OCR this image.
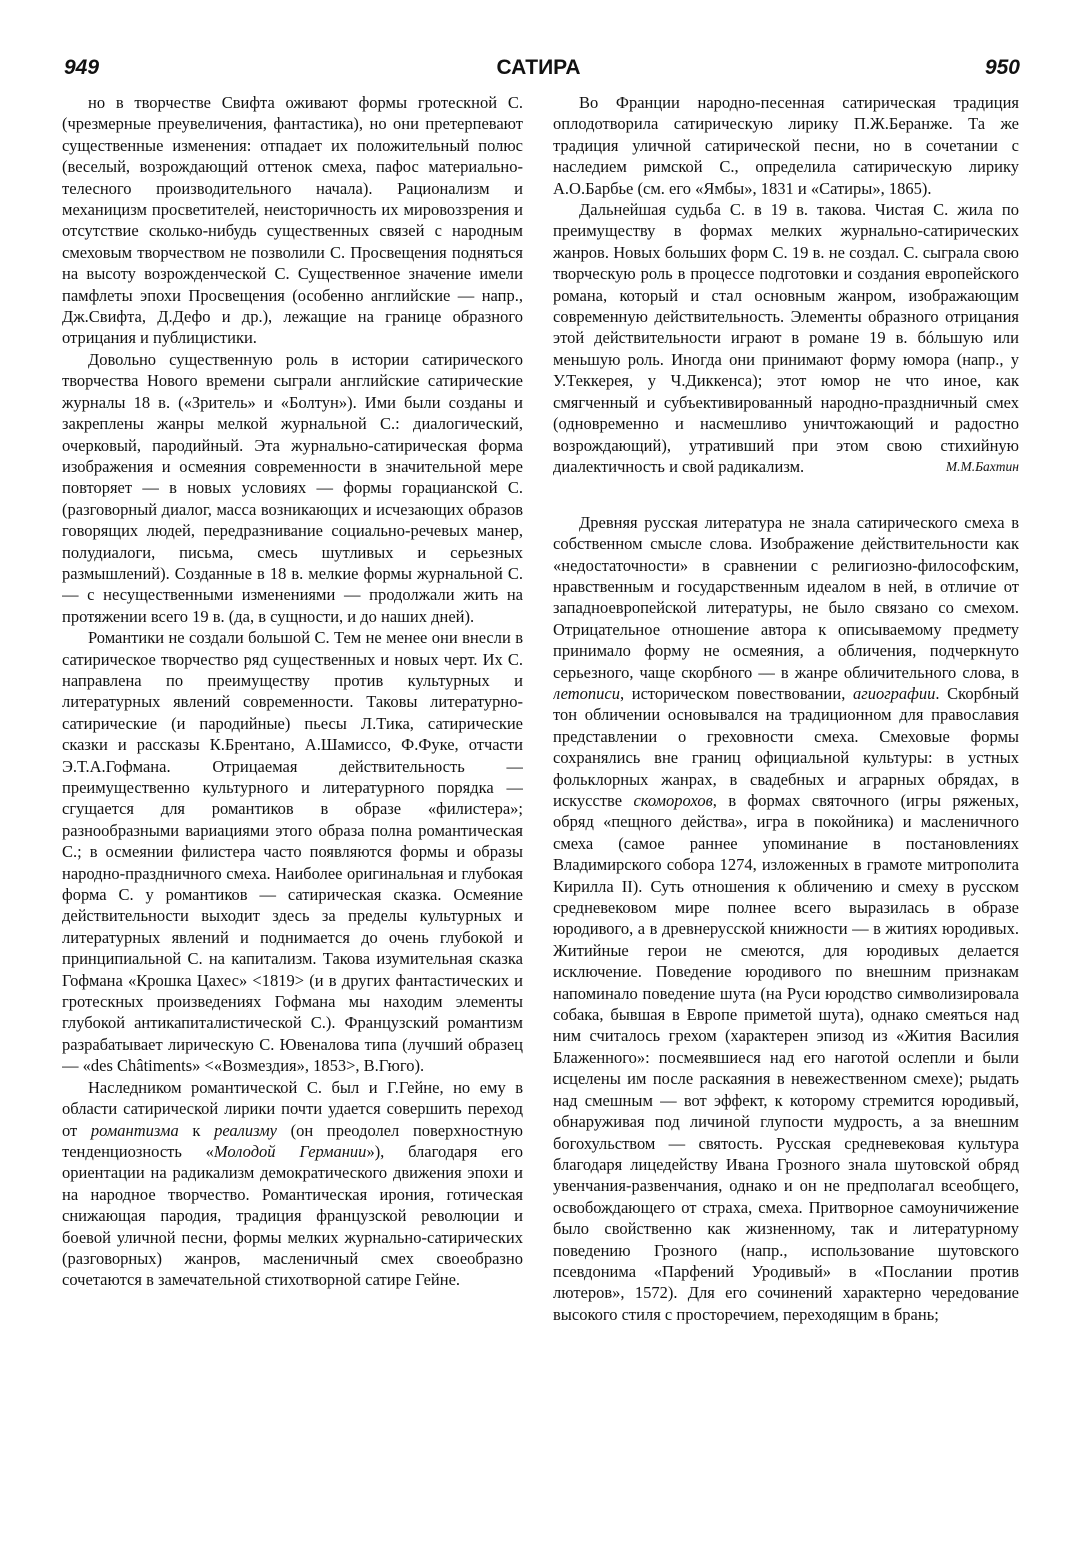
949	САТИРА	950

но в творчестве Свифта оживают формы гротескной С. (чрезмерные преувеличения, фантастика), но они претерпевают существенные изменения: отпадает их положительный полюс (веселый, возрождающий оттенок смеха, пафос материально-телесного производительного начала). Рационализм и механицизм просветителей, неисторичность их мировоззрения и отсутствие сколько-нибудь существенных связей с народным смеховым творчеством не позволили С. Просвещения подняться на высоту возрожденческой С. Существенное значение имели памфлеты эпохи Просвещения (особенно английские — напр., Дж.Свифта, Д.Дефо и др.), лежащие на границе образного отрицания и публицистики.

Довольно существенную роль в истории сатирического творчества Нового времени сыграли английские сатирические журналы 18 в. («Зритель» и «Болтун»). Ими были созданы и закреплены жанры мелкой журнальной С.: диалогический, очерковый, пародийный. Эта журнально-сатирическая форма изображения и осмеяния современности в значительной мере повторяет — в новых условиях — формы горацианской С. (разговорный диалог, масса возникающих и исчезающих образов говорящих людей, передразнивание социально-речевых манер, полудиалоги, письма, смесь шутливых и серьезных размышлений). Созданные в 18 в. мелкие формы журнальной С. — с несущественными изменениями — продолжали жить на протяжении всего 19 в. (да, в сущности, и до наших дней).

Романтики не создали большой С. Тем не менее они внесли в сатирическое творчество ряд существенных и новых черт. Их С. направлена по преимуществу против культурных и литературных явлений современности. Таковы литературно-сатирические (и пародийные) пьесы Л.Тика, сатирические сказки и рассказы К.Брентано, А.Шамиссо, Ф.Фуке, отчасти Э.Т.А.Гофмана. Отрицаемая действительность — преимущественно культурного и литературного порядка — сгущается для романтиков в образе «филистера»; разнообразными вариациями этого образа полна романтическая С.; в осмеянии филистера часто появляются формы и образы народно-праздничного смеха. Наиболее оригинальная и глубокая форма С. у романтиков — сатирическая сказка. Осмеяние действительности выходит здесь за пределы культурных и литературных явлений и поднимается до очень глубокой и принципиальной С. на капитализм. Такова изумительная сказка Гофмана «Крошка Цахес» <1819> (и в других фантастических и гротескных произведениях Гофмана мы находим элементы глубокой антикапиталистической С.). Французский романтизм разрабатывает лирическую С. Ювеналова типа (лучший образец — «des Châtiments» <«Возмездия», 1853>, В.Гюго).

Наследником романтической С. был и Г.Гейне, но ему в области сатирической лирики почти удается совершить переход от романтизма к реализму (он преодолел поверхностную тенденциозность «Молодой Германии»), благодаря его ориентации на радикализм демократического движения эпохи и на народное творчество. Романтическая ирония, готическая снижающая пародия, традиция французской революции и боевой уличной песни, формы мелких журнально-сатирических (разговорных) жанров, масленичный смех своеобразно сочетаются в замечательной стихотворной сатире Гейне.

Во Франции народно-песенная сатирическая традиция оплодотворила сатирическую лирику П.Ж.Беранже. Та же традиция уличной сатирической песни, но в сочетании с наследием римской С., определила сатирическую лирику А.О.Барбье (см. его «Ямбы», 1831 и «Сатиры», 1865).

Дальнейшая судьба С. в 19 в. такова. Чистая С. жила по преимуществу в формах мелких журнально-сатирических жанров. Новых больших форм С. 19 в. не создал. С. сыграла свою творческую роль в процессе подготовки и создания европейского романа, который и стал основным жанром, изображающим современную действительность. Элементы образного отрицания этой действительности играют в романе 19 в. бóльшую или меньшую роль. Иногда они принимают форму юмора (напр., у У.Теккерея, у Ч.Диккенса); этот юмор не что иное, как смягченный и субъективированный народно-праздничный смех (одновременно и насмешливо уничтожающий и радостно возрождающий), утративший при этом свою стихийную диалектичность и свой радикализм.	М.М.Бахтин

Древняя русская литература не знала сатирического смеха в собственном смысле слова. Изображение действительности как «недостаточности» в сравнении с религиозно-философским, нравственным и государственным идеалом в ней, в отличие от западноевропейской литературы, не было связано со смехом. Отрицательное отношение автора к описываемому предмету принимало форму не осмеяния, а обличения, подчеркнуто серьезного, чаще скорбного — в жанре обличительного слова, в летописи, историческом повествовании, агиографии. Скорбный тон обличении основывался на традиционном для православия представлении о греховности смеха. Смеховые формы сохранялись вне границ официальной культуры: в устных фольклорных жанрах, в свадебных и аграрных обрядах, в искусстве скоморохов, в формах святочного (игры ряженых, обряд «пещного действа», игра в покойника) и масленичного смеха (самое раннее упоминание в постановлениях Владимирского собора 1274, изложенных в грамоте митрополита Кирилла II). Суть отношения к обличению и смеху в русском средневековом мире полнее всего выразилась в образе юродивого, а в древнерусской книжности — в житиях юродивых. Житийные герои не смеются, для юродивых делается исключение. Поведение юродивого по внешним признакам напоминало поведение шута (на Руси юродство символизировала собака, бывшая в Европе приметой шута), однако смеяться над ним считалось грехом (характерен эпизод из «Жития Василия Блаженного»: посмеявшиеся над его наготой ослепли и были исцелены им после раскаяния в невежественном смехе); рыдать над смешным — вот эффект, к которому стремится юродивый, обнаруживая под личиной глупости мудрость, а за внешним богохульством — святость. Русская средневековая культура благодаря лицедейству Ивана Грозного знала шутовской обряд увенчания-развенчания, однако и он не предполагал всеобщего, освобождающего от страха, смеха. Притворное самоуничижение было свойственно как жизненному, так и литературному поведению Грозного (напр., использование шутовского псевдонима «Парфений Уродивый» в «Послании против лютеров», 1572). Для его сочинений характерно чередование высокого стиля с просторечием, переходящим в брань;
